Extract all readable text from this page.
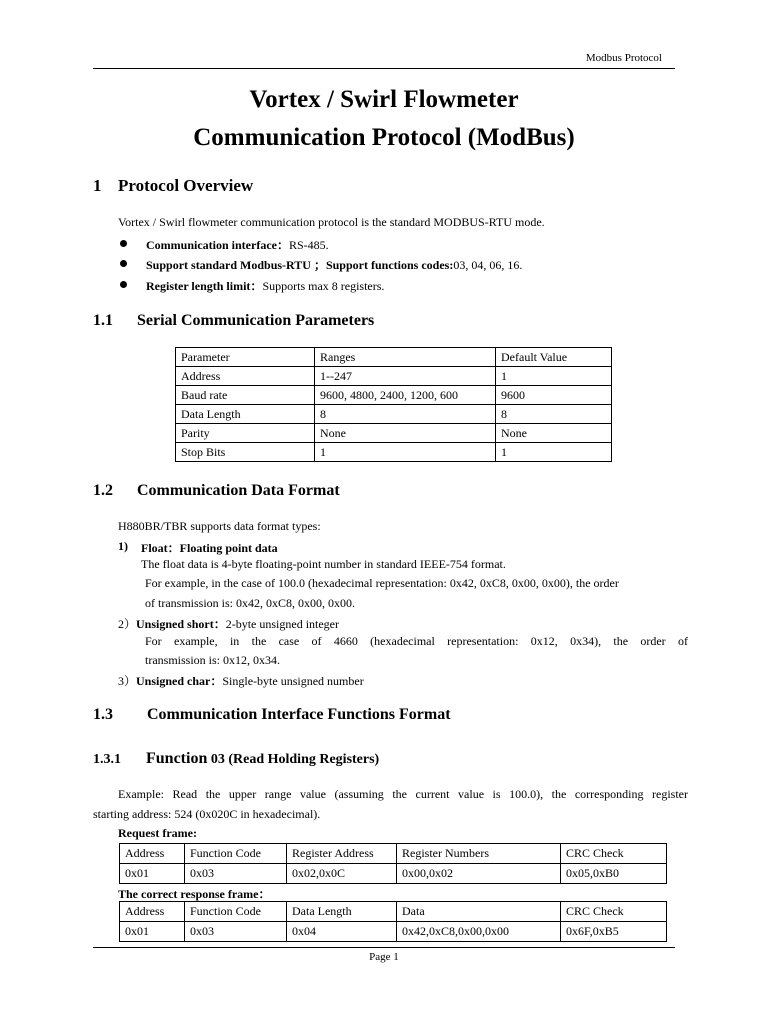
Modbus Protocol
Vortex / Swirl Flowmeter
Communication Protocol (ModBus)
1 Protocol Overview
Vortex / Swirl flowmeter communication protocol is the standard MODBUS-RTU mode.
Communication interface：RS-485.
Support standard Modbus-RTU ；Support functions codes:03, 04, 06, 16.
Register length limit：Supports max 8 registers.
1.1 Serial Communication Parameters
Parameter	Ranges	Default Value
Address	1--247	1
Baud rate	9600, 4800, 2400, 1200, 600	9600
Data Length	8	8
Parity	None	None
Stop Bits	1	1
1.2 Communication Data Format
H880BR/TBR supports data format types:
1) Float：Floating point data
The float data is 4-byte floating-point number in standard IEEE-754 format.
For example, in the case of 100.0 (hexadecimal representation: 0x42, 0xC8, 0x00, 0x00), the order
of transmission is: 0x42, 0xC8, 0x00, 0x00.
2）Unsigned short：2-byte unsigned integer
For example, in the case of 4660 (hexadecimal representation: 0x12, 0x34), the order of
transmission is: 0x12, 0x34.
3）Unsigned char：Single-byte unsigned number
1.3 Communication Interface Functions Format
1.3.1 Function 03 (Read Holding Registers)
Example: Read the upper range value (assuming the current value is 100.0), the corresponding register
starting address: 524 (0x020C in hexadecimal).
Request frame:
Address	Function Code	Register Address	Register Numbers	CRC Check
0x01	0x03	0x02,0x0C	0x00,0x02	0x05,0xB0
The correct response frame：
Address	Function Code	Data Length	Data	CRC Check
0x01	0x03	0x04	0x42,0xC8,0x00,0x00	0x6F,0xB5
Page 1
